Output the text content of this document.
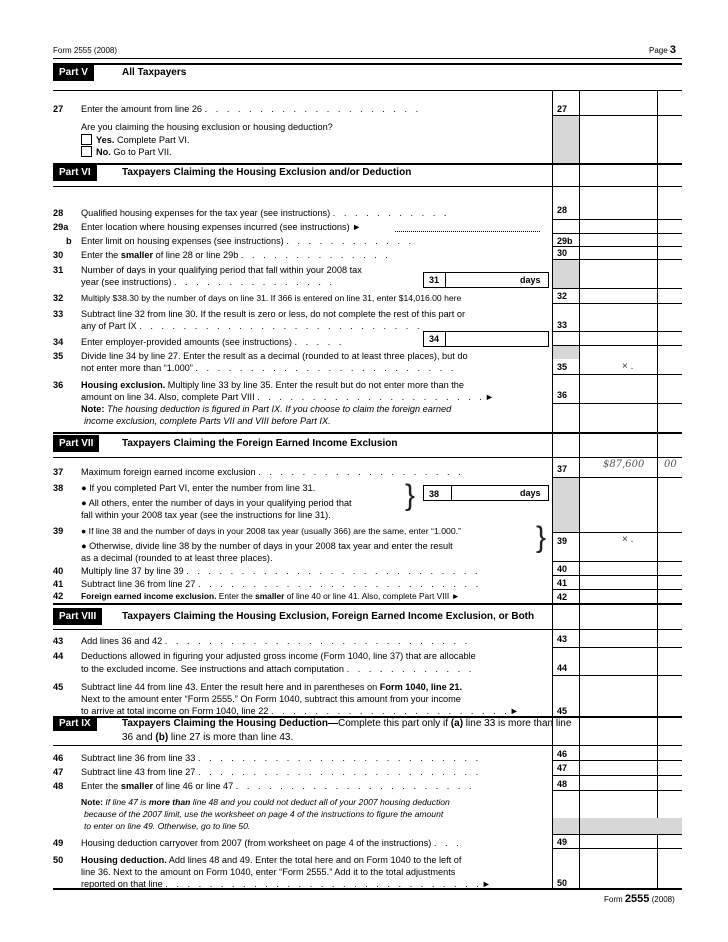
Form 2555 (2008)	Page 3
Part V	All Taxpayers
27 Enter the amount from line 26 . . . . . . . . . . . . . . . . . . . .	27
Are you claiming the housing exclusion or housing deduction?
Yes. Complete Part VI.
No. Go to Part VII.
Part VI	Taxpayers Claiming the Housing Exclusion and/or Deduction
28 Qualified housing expenses for the tax year (see instructions) . . . . . . . . . . .	28
29a Enter location where housing expenses incurred (see instructions) ►
b Enter limit on housing expenses (see instructions) . . . . . . . . . . . .	29b
30 Enter the smaller of line 28 or line 29b . . . . . . . . . . . . . .	30
31 Number of days in your qualifying period that fall within your 2008 tax
year (see instructions) . . . . . . . . . . . . . . .	31	days
32 Multiply $38.30 by the number of days on line 31. If 366 is entered on line 31, enter $14,016.00 here	32
33 Subtract line 32 from line 30. If the result is zero or less, do not complete the rest of this part or
any of Part IX . . . . . . . . . . . . . . . . . . . . . . . . . .	33
34 Enter employer-provided amounts (see instructions) . . . . .	34
35 Divide line 34 by line 27. Enter the result as a decimal (rounded to at least three places), but do
not enter more than “1.000” . . . . . . . . . . . . . . . . . . . . . . . .	35	× .
36 Housing exclusion. Multiply line 33 by line 35. Enter the result but do not enter more than the
amount on line 34. Also, complete Part VIII . . . . . . . . . . . . . . . . . . . . .►	36
Note: The housing deduction is figured in Part IX. If you choose to claim the foreign earned
income exclusion, complete Parts VII and VIII before Part IX.
Part VII	Taxpayers Claiming the Foreign Earned Income Exclusion
37 Maximum foreign earned income exclusion . . . . . . . . . . . . . . . . . . .	37	$87,600 00
38 ● If you completed Part VI, enter the number from line 31.
● All others, enter the number of days in your qualifying period that
fall within your 2008 tax year (see the instructions for line 31).
} 38	days
39 ● If line 38 and the number of days in your 2008 tax year (usually 366) are the same, enter “1.000.”
● Otherwise, divide line 38 by the number of days in your 2008 tax year and enter the result
as a decimal (rounded to at least three places).
} 39	× .
40 Multiply line 37 by line 39 . . . . . . . . . . . . . . . . . . . . . . . . . . .	40
41 Subtract line 36 from line 27 . . . . . . . . . . . . . . . . . . . . . . . . . .	41
42 Foreign earned income exclusion. Enter the smaller of line 40 or line 41. Also, complete Part VIII ►	42
Part VIII	Taxpayers Claiming the Housing Exclusion, Foreign Earned Income Exclusion, or Both
43 Add lines 36 and 42 . . . . . . . . . . . . . . . . . . . . . . . . . . . .	43
44 Deductions allowed in figuring your adjusted gross income (Form 1040, line 37) that are allocable
to the excluded income. See instructions and attach computation . . . . . . . . . . . .	44
45 Subtract line 44 from line 43. Enter the result here and in parentheses on Form 1040, line 21.
Next to the amount enter “Form 2555.” On Form 1040, subtract this amount from your income
to arrive at total income on Form 1040, line 22 . . . . . . . . . . . . . . . . . . . . . .►	45
Part IX	Taxpayers Claiming the Housing Deduction—Complete this part only if (a) line 33 is more than line
36 and (b) line 27 is more than line 43.
46 Subtract line 36 from line 33 . . . . . . . . . . . . . . . . . . . . . . . . . .	46
47 Subtract line 43 from line 27 . . . . . . . . . . . . . . . . . . . . . . . . . .	47
48 Enter the smaller of line 46 or line 47 . . . . . . . . . . . . . . . . . . . . . .	48
Note: If line 47 is more than line 48 and you could not deduct all of your 2007 housing deduction
because of the 2007 limit, use the worksheet on page 4 of the instructions to figure the amount
to enter on line 49. Otherwise, go to line 50.
49 Housing deduction carryover from 2007 (from worksheet on page 4 of the instructions) . . .	49
50 Housing deduction. Add lines 48 and 49. Enter the total here and on Form 1040 to the left of
line 36. Next to the amount on Form 1040, enter “Form 2555.” Add it to the total adjustments
reported on that line . . . . . . . . . . . . . . . . . . . . . . . . . . . . .►	50
Form 2555 (2008)
